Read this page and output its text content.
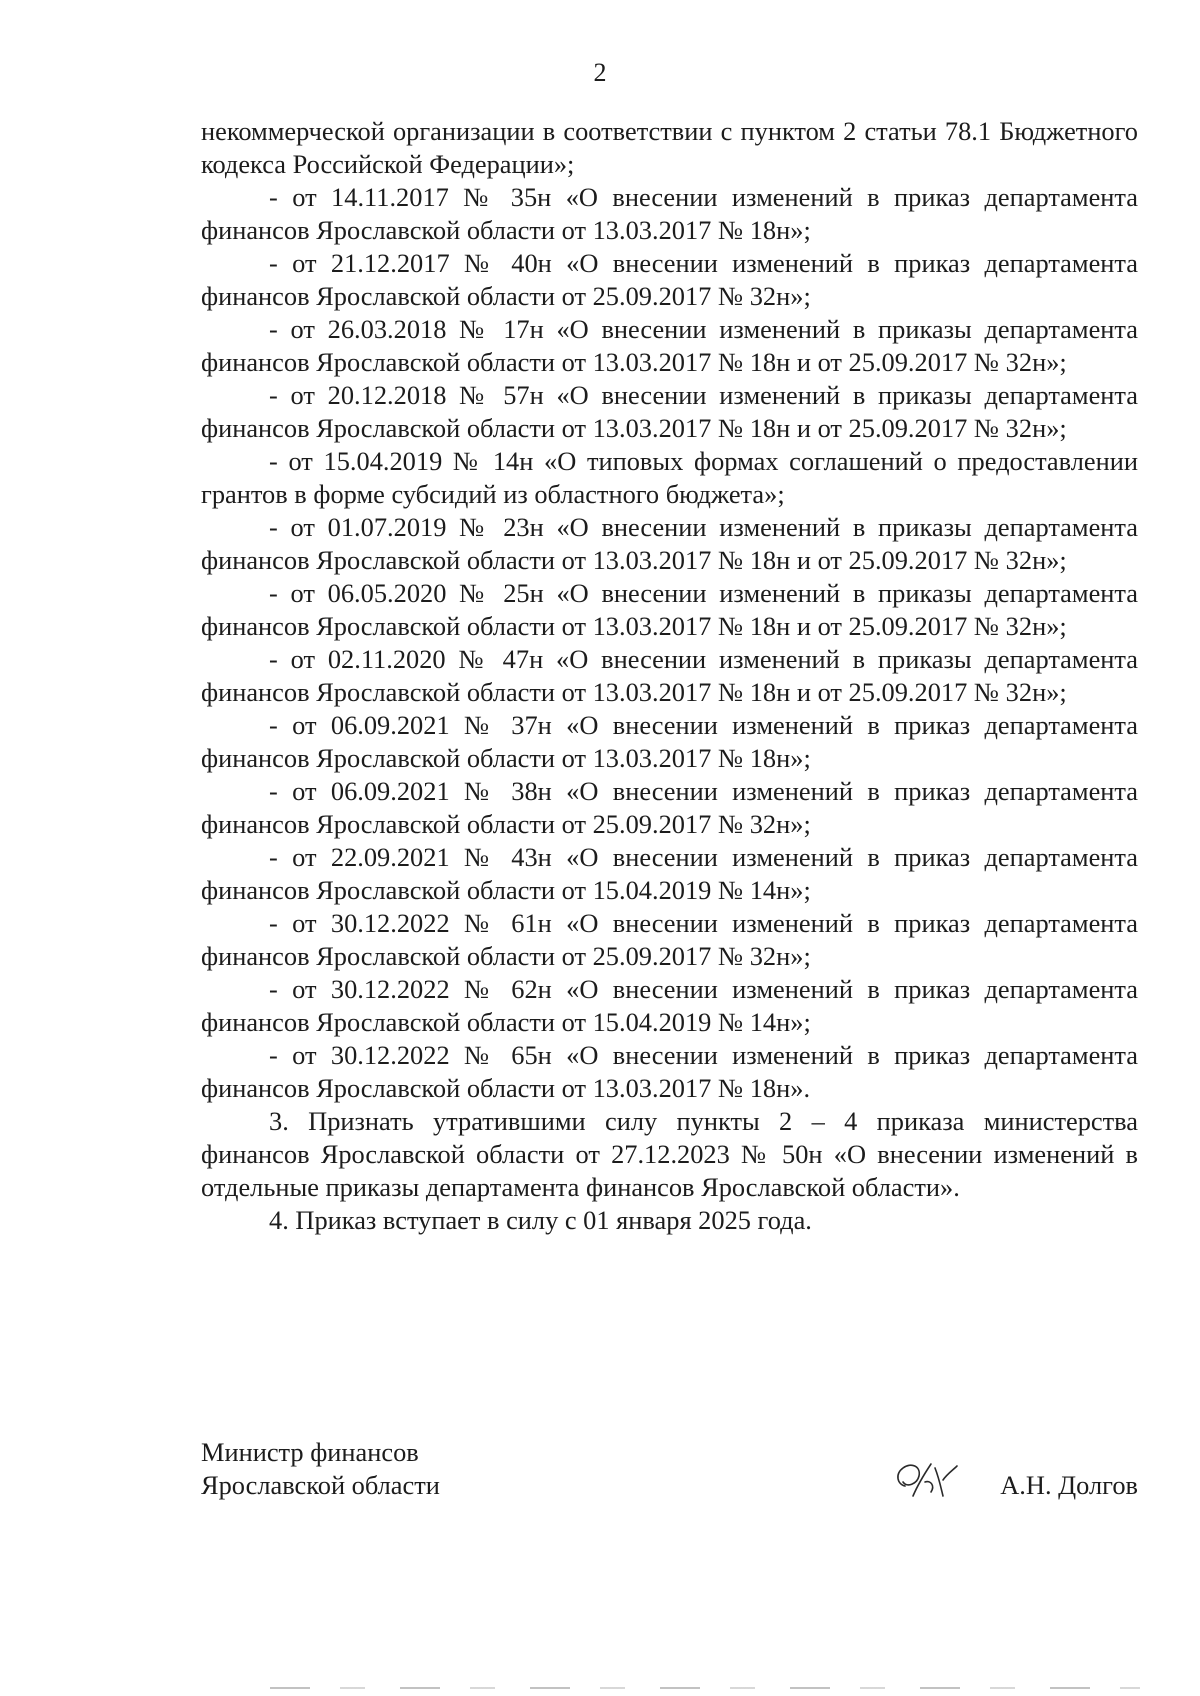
2

некоммерческой организации в соответствии с пунктом 2 статьи 78.1 Бюджетного кодекса Российской Федерации»;

- от 14.11.2017 № 35н «О внесении изменений в приказ департамента финансов Ярославской области от 13.03.2017 № 18н»;

- от 21.12.2017 № 40н «О внесении изменений в приказ департамента финансов Ярославской области от 25.09.2017 № 32н»;

- от 26.03.2018 № 17н «О внесении изменений в приказы департамента финансов Ярославской области от 13.03.2017 № 18н и от 25.09.2017 № 32н»;

- от 20.12.2018 № 57н «О внесении изменений в приказы департамента финансов Ярославской области от 13.03.2017 № 18н и от 25.09.2017 № 32н»;

- от 15.04.2019 № 14н «О типовых формах соглашений о предоставлении грантов в форме субсидий из областного бюджета»;

- от 01.07.2019 № 23н «О внесении изменений в приказы департамента финансов Ярославской области от 13.03.2017 № 18н и от 25.09.2017 № 32н»;

- от 06.05.2020 № 25н «О внесении изменений в приказы департамента финансов Ярославской области от 13.03.2017 № 18н и от 25.09.2017 № 32н»;

- от 02.11.2020 № 47н «О внесении изменений в приказы департамента финансов Ярославской области от 13.03.2017 № 18н и от 25.09.2017 № 32н»;

- от 06.09.2021 № 37н «О внесении изменений в приказ департамента финансов Ярославской области от 13.03.2017 № 18н»;

- от 06.09.2021 № 38н «О внесении изменений в приказ департамента финансов Ярославской области от 25.09.2017 № 32н»;

- от 22.09.2021 № 43н «О внесении изменений в приказ департамента финансов Ярославской области от 15.04.2019 № 14н»;

- от 30.12.2022 № 61н «О внесении изменений в приказ департамента финансов Ярославской области от 25.09.2017 № 32н»;

- от 30.12.2022 № 62н «О внесении изменений в приказ департамента финансов Ярославской области от 15.04.2019 № 14н»;

- от 30.12.2022 № 65н «О внесении изменений в приказ департамента финансов Ярославской области от 13.03.2017 № 18н».

3. Признать утратившими силу пункты 2 – 4 приказа министерства финансов Ярославской области от 27.12.2023 № 50н «О внесении изменений в отдельные приказы департамента финансов Ярославской области».

4. Приказ вступает в силу с 01 января 2025 года.

Министр финансов
Ярославской области	А.Н. Долгов
